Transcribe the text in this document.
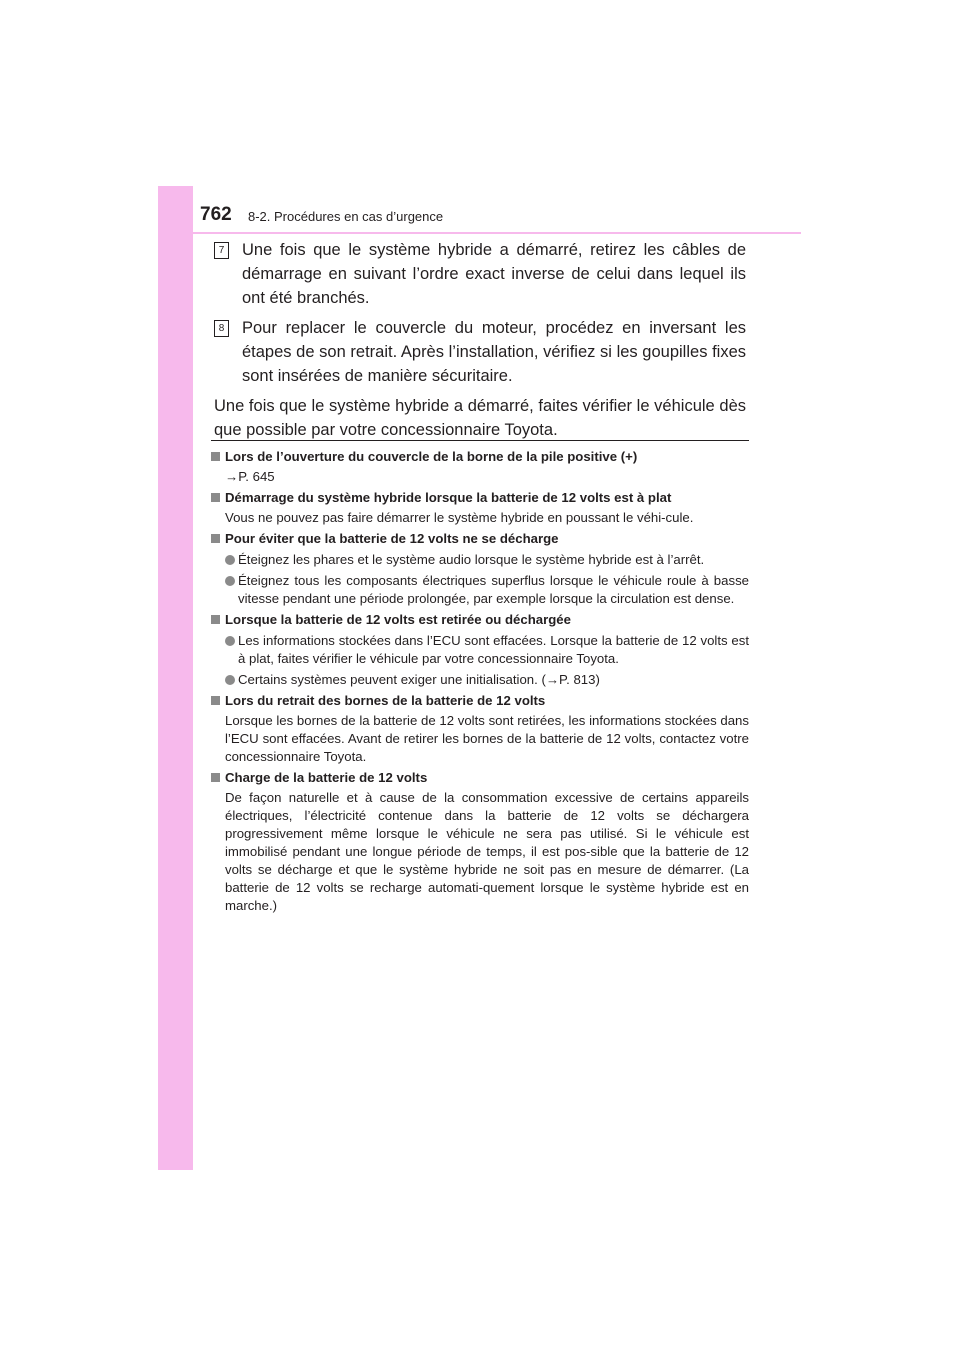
762 8-2. Procédures en cas d’urgence
7 Une fois que le système hybride a démarré, retirez les câbles de démarrage en suivant l’ordre exact inverse de celui dans lequel ils ont été branchés.
8 Pour replacer le couvercle du moteur, procédez en inversant les étapes de son retrait. Après l’installation, vérifiez si les goupilles fixes sont insérées de manière sécuritaire.
Une fois que le système hybride a démarré, faites vérifier le véhicule dès que possible par votre concessionnaire Toyota.
Lors de l’ouverture du couvercle de la borne de la pile positive (+)
→P. 645
Démarrage du système hybride lorsque la batterie de 12 volts est à plat
Vous ne pouvez pas faire démarrer le système hybride en poussant le véhi-cule.
Pour éviter que la batterie de 12 volts ne se décharge
Éteignez les phares et le système audio lorsque le système hybride est à l’arrêt.
Éteignez tous les composants électriques superflus lorsque le véhicule roule à basse vitesse pendant une période prolongée, par exemple lorsque la circulation est dense.
Lorsque la batterie de 12 volts est retirée ou déchargée
Les informations stockées dans l’ECU sont effacées. Lorsque la batterie de 12 volts est à plat, faites vérifier le véhicule par votre concessionnaire Toyota.
Certains systèmes peuvent exiger une initialisation. (→P. 813)
Lors du retrait des bornes de la batterie de 12 volts
Lorsque les bornes de la batterie de 12 volts sont retirées, les informations stockées dans l’ECU sont effacées. Avant de retirer les bornes de la batterie de 12 volts, contactez votre concessionnaire Toyota.
Charge de la batterie de 12 volts
De façon naturelle et à cause de la consommation excessive de certains appareils électriques, l’électricité contenue dans la batterie de 12 volts se déchargera progressivement même lorsque le véhicule ne sera pas utilisé. Si le véhicule est immobilisé pendant une longue période de temps, il est pos-sible que la batterie de 12 volts se décharge et que le système hybride ne soit pas en mesure de démarrer. (La batterie de 12 volts se recharge automati-quement lorsque le système hybride est en marche.)
